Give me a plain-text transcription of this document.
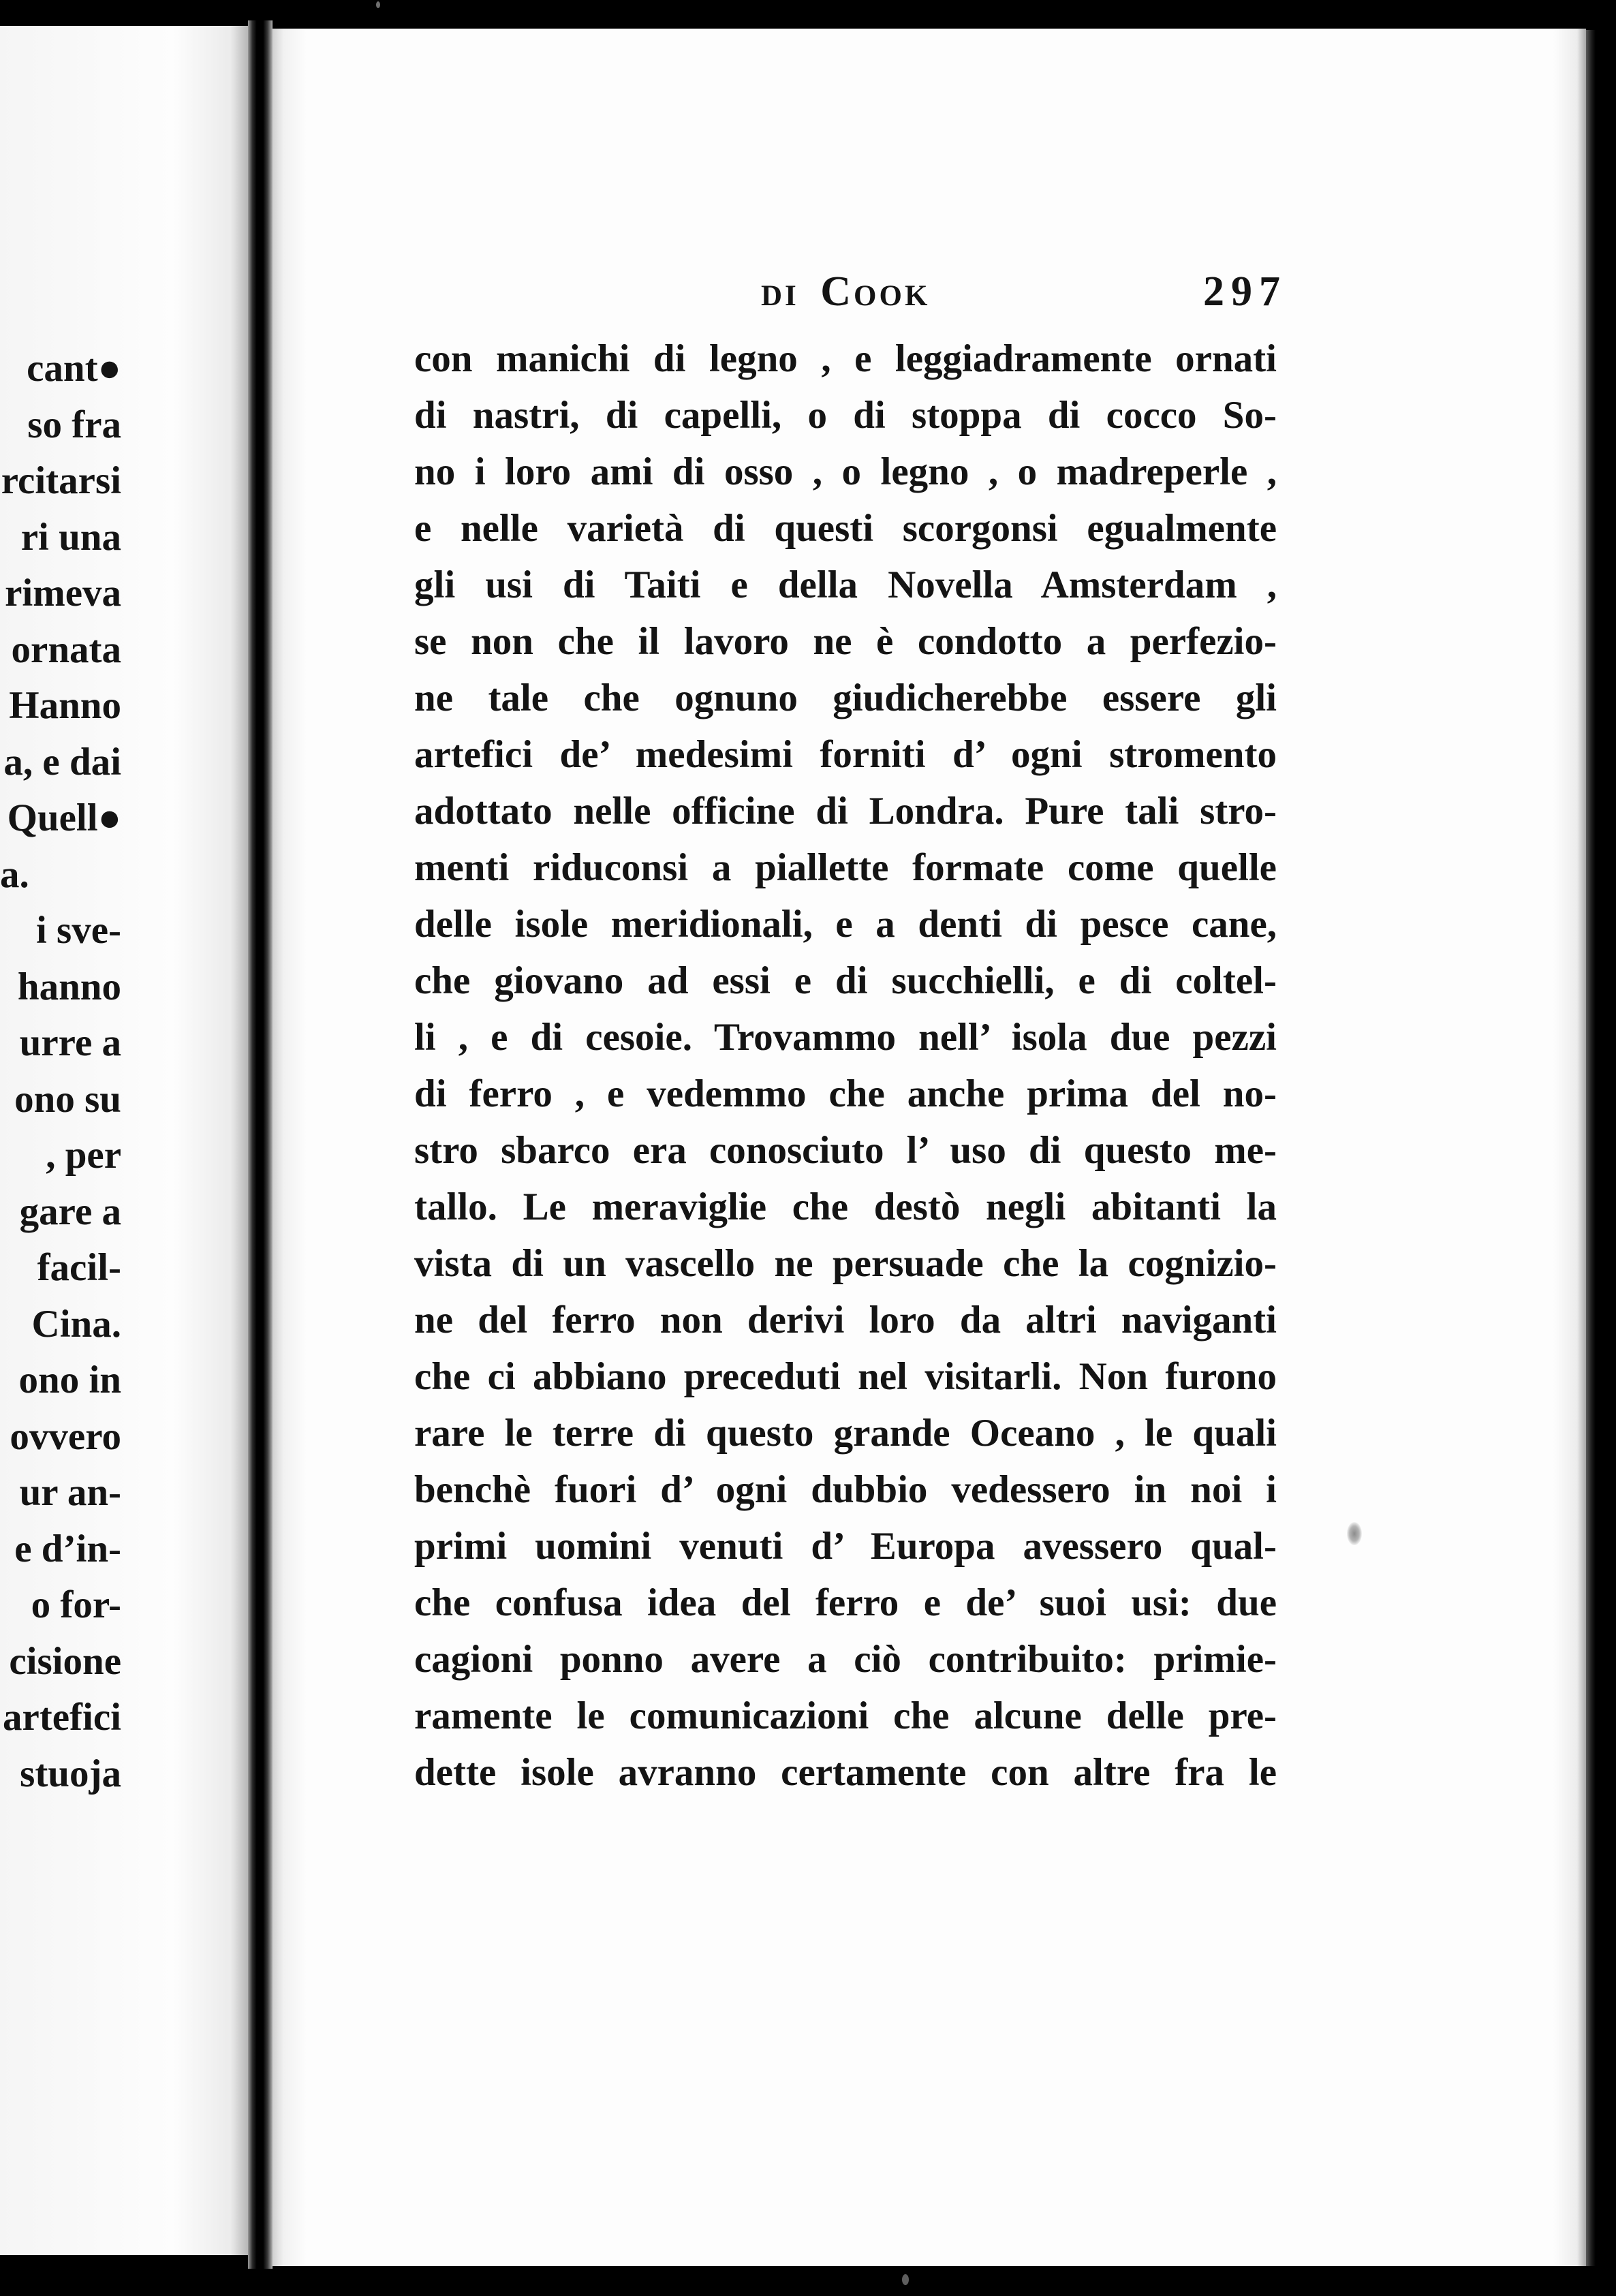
cant●
so fra
rcitarsi
ri una
rimeva
ornata
Hanno
a, e dai
Quell●
a.
i sve-
hanno
urre a
ono su
, per
gare a
facil-
Cina.
ono in
ovvero
ur an-
e d’in-
o for-
cisione
artefici
stuoja
di Cook	297
con manichi di legno , e leggiadramente ornati
di nastri, di capelli, o di stoppa di cocco So-
no i loro ami di osso , o legno , o madreperle ,
e nelle varietà di questi scorgonsi egualmente
gli usi di Taiti e della Novella Amsterdam ,
se non che il lavoro ne è condotto a perfezio-
ne tale che ognuno giudicherebbe essere gli
artefici de’ medesimi forniti d’ ogni stromento
adottato nelle officine di Londra. Pure tali stro-
menti riduconsi a piallette formate come quelle
delle isole meridionali, e a denti di pesce cane,
che giovano ad essi e di succhielli, e di coltel-
li , e di cesoie. Trovammo nell’ isola due pezzi
di ferro , e vedemmo che anche prima del no-
stro sbarco era conosciuto l’ uso di questo me-
tallo. Le meraviglie che destò negli abitanti la
vista di un vascello ne persuade che la cognizio-
ne del ferro non derivi loro da altri naviganti
che ci abbiano preceduti nel visitarli. Non furono
rare le terre di questo grande Oceano , le quali
benchè fuori d’ ogni dubbio vedessero in noi i
primi uomini venuti d’ Europa avessero qual-
che confusa idea del ferro e de’ suoi usi: due
cagioni ponno avere a ciò contribuito: primie-
ramente le comunicazioni che alcune delle pre-
dette isole avranno certamente con altre fra le
